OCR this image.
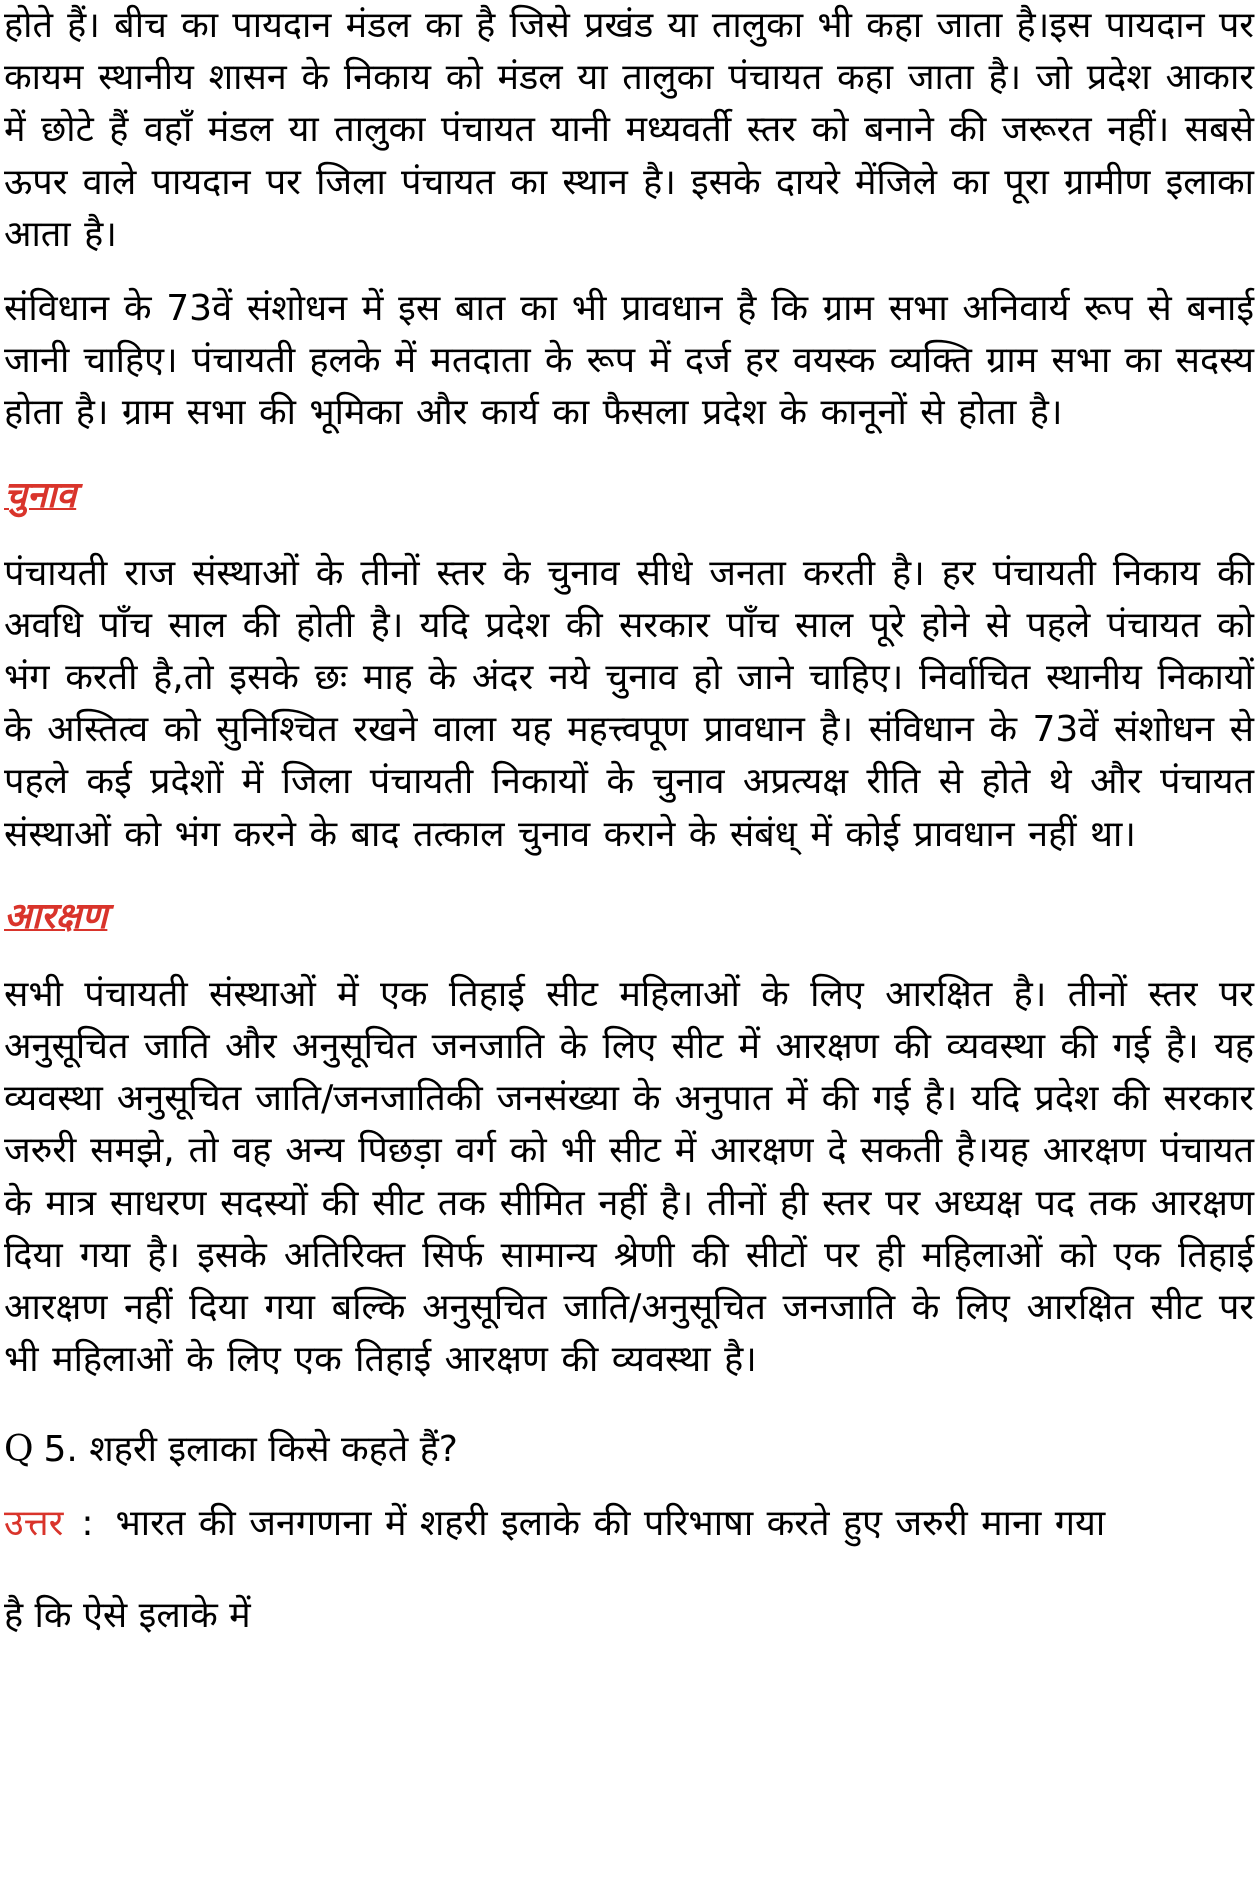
होते हैं। बीच का पायदान मंडल का है जिसे प्रखंड या तालुका भी कहा जाता है।इस पायदान पर कायम स्थानीय शासन के निकाय को मंडल या तालुका पंचायत कहा जाता है। जो प्रदेश आकार में छोटे हैं वहाँ मंडल या तालुका पंचायत यानी मध्यवर्ती स्तर को बनाने की जरूरत नहीं। सबसे ऊपर वाले पायदान पर जिला पंचायत का स्थान है। इसके दायरे मेंजिले का पूरा ग्रामीण इलाका आता है।

संविधान के 73वें संशोधन में इस बात का भी प्रावधान है कि ग्राम सभा अनिवार्य रूप से बनाई जानी चाहिए। पंचायती हलके में मतदाता के रूप में दर्ज हर वयस्क व्यक्ति ग्राम सभा का सदस्य होता है। ग्राम सभा की भूमिका और कार्य का फैसला प्रदेश के कानूनों से होता है।

चुनाव

पंचायती राज संस्थाओं के तीनों स्तर के चुनाव सीधे जनता करती है। हर पंचायती निकाय की अवधि पाँच साल की होती है। यदि प्रदेश की सरकार पाँच साल पूरे होने से पहले पंचायत को भंग करती है,तो इसके छः माह के अंदर नये चुनाव हो जाने चाहिए। निर्वाचित स्थानीय निकायों के अस्तित्व को सुनिश्चित रखने वाला यह महत्त्वपूण प्रावधान है। संविधान के 73वें संशोधन से पहले कई प्रदेशों में जिला पंचायती निकायों के चुनाव अप्रत्यक्ष रीति से होते थे और पंचायत संस्थाओं को भंग करने के बाद तत्काल चुनाव कराने के संबंध् में कोई प्रावधान नहीं था।

आरक्षण

सभी पंचायती संस्थाओं में एक तिहाई सीट महिलाओं के लिए आरक्षित है। तीनों स्तर पर अनुसूचित जाति और अनुसूचित जनजाति के लिए सीट में आरक्षण की व्यवस्था की गई है। यह व्यवस्था अनुसूचित जाति/जनजातिकी जनसंख्या के अनुपात में की गई है। यदि प्रदेश की सरकार जरुरी समझे, तो वह अन्य पिछड़ा वर्ग को भी सीट में आरक्षण दे सकती है।यह आरक्षण पंचायत के मात्र साधरण सदस्यों की सीट तक सीमित नहीं है। तीनों ही स्तर पर अध्यक्ष पद तक आरक्षण दिया गया है। इसके अतिरिक्त सिर्फ सामान्य श्रेणी की सीटों पर ही महिलाओं को एक तिहाई आरक्षण नहीं दिया गया बल्कि अनुसूचित जाति/अनुसूचित जनजाति के लिए आरक्षित सीट पर भी महिलाओं के लिए एक तिहाई आरक्षण की व्यवस्था है।

Q 5. शहरी इलाका किसे कहते हैं?

उत्तर : भारत की जनगणना में शहरी इलाके की परिभाषा करते हुए जरुरी माना गया

है कि ऐसे इलाके में
